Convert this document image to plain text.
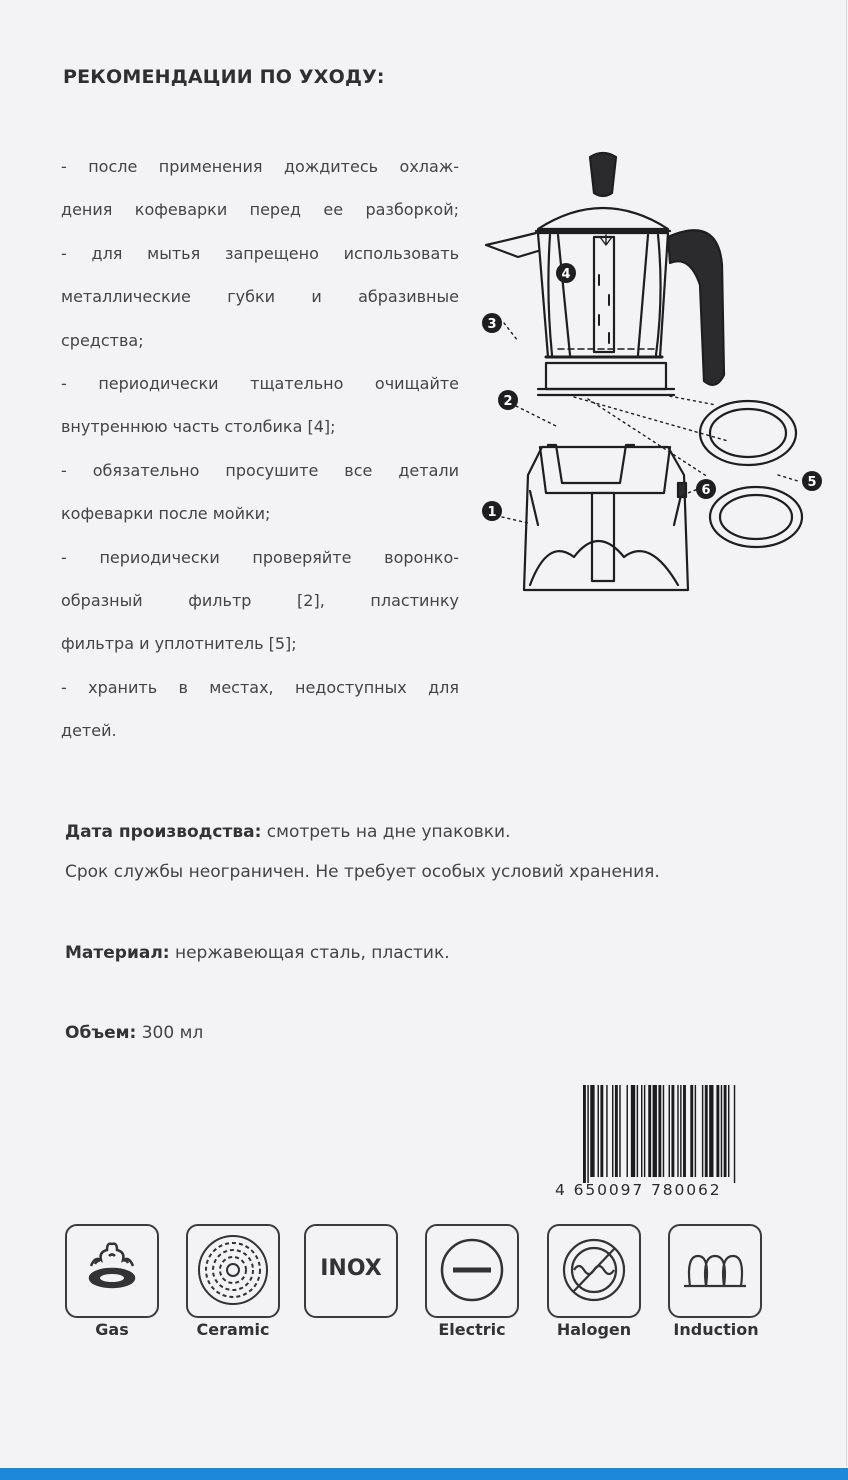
РЕКОМЕНДАЦИИ ПО УХОДУ:
- после применения дождитесь охлаж-
дения кофеварки перед ее разборкой;
- для мытья запрещено использовать
металлические губки и абразивные
средства;
- периодически тщательно очищайте
внутреннюю часть столбика [4];
- обязательно просушите все детали
кофеварки после мойки;
- периодически проверяйте воронко-
образный фильтр [2], пластинку
фильтра и уплотнитель [5];
- хранить в местах, недоступных для
детей.
1
2
3
4
5
6
Дата производства: смотреть на дне упаковки.
Срок службы неограничен. Не требует особых условий хранения.
Материал: нержавеющая сталь, пластик.
Объем: 300 мл
4 650097 780062
Gas	Ceramic
INOX
Electric	Halogen	Induction
